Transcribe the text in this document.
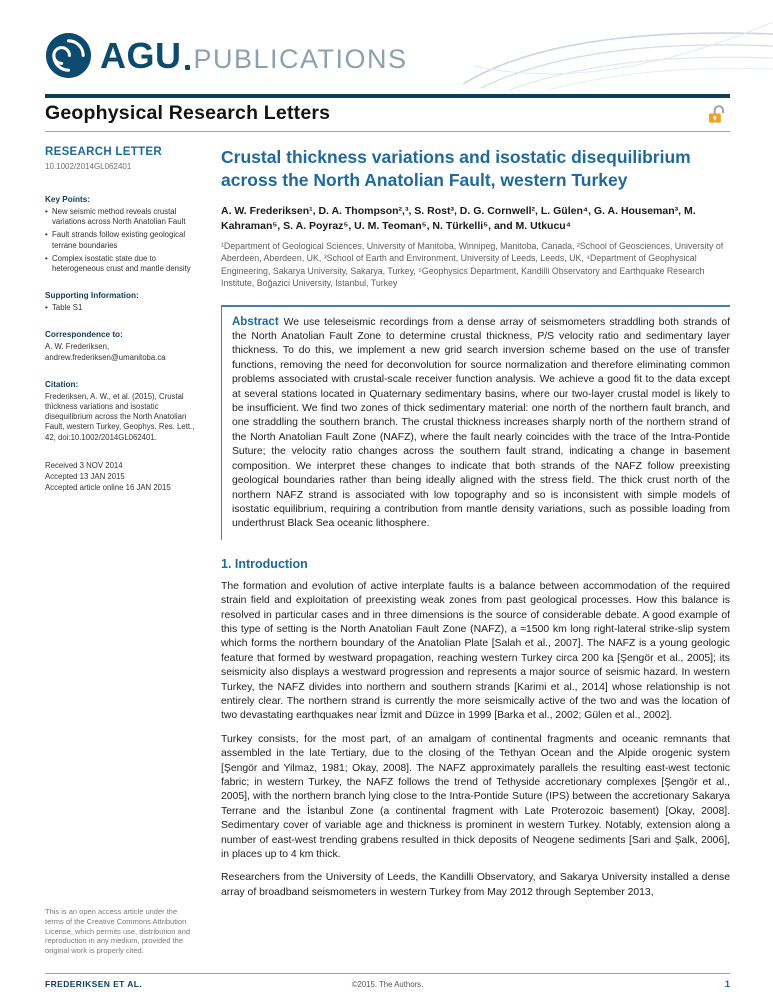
AGU PUBLICATIONS
Geophysical Research Letters
RESEARCH LETTER
10.1002/2014GL062401
Key Points:
• New seismic method reveals crustal variations across North Anatolian Fault
• Fault strands follow existing geological terrane boundaries
• Complex isostatic state due to heterogeneous crust and mantle density
Supporting Information:
• Table S1
Correspondence to:
A. W. Frederiksen,
andrew.frederiksen@umanitoba.ca
Citation:
Frederiksen, A. W., et al. (2015), Crustal thickness variations and isostatic disequilibrium across the North Anatolian Fault, western Turkey, Geophys. Res. Lett., 42, doi:10.1002/2014GL062401.
Received 3 NOV 2014
Accepted 13 JAN 2015
Accepted article online 16 JAN 2015
Crustal thickness variations and isostatic disequilibrium across the North Anatolian Fault, western Turkey
A. W. Frederiksen¹, D. A. Thompson²,³, S. Rost³, D. G. Cornwell², L. Gülen⁴, G. A. Houseman³, M. Kahraman⁵, S. A. Poyraz⁵, U. M. Teoman⁵, N. Türkelli⁵, and M. Utkucu⁴
¹Department of Geological Sciences, University of Manitoba, Winnipeg, Manitoba, Canada, ²School of Geosciences, University of Aberdeen, Aberdeen, UK, ³School of Earth and Environment, University of Leeds, Leeds, UK, ⁴Department of Geophysical Engineering, Sakarya University, Sakarya, Turkey, ⁵Geophysics Department, Kandilli Observatory and Earthquake Research Institute, Boğazici University, Istanbul, Turkey
Abstract We use teleseismic recordings from a dense array of seismometers straddling both strands of the North Anatolian Fault Zone to determine crustal thickness, P/S velocity ratio and sedimentary layer thickness. To do this, we implement a new grid search inversion scheme based on the use of transfer functions, removing the need for deconvolution for source normalization and therefore eliminating common problems associated with crustal-scale receiver function analysis. We achieve a good fit to the data except at several stations located in Quaternary sedimentary basins, where our two-layer crustal model is likely to be insufficient. We find two zones of thick sedimentary material: one north of the northern fault branch, and one straddling the southern branch. The crustal thickness increases sharply north of the northern strand of the North Anatolian Fault Zone (NAFZ), where the fault nearly coincides with the trace of the Intra-Pontide Suture; the velocity ratio changes across the southern fault strand, indicating a change in basement composition. We interpret these changes to indicate that both strands of the NAFZ follow preexisting geological boundaries rather than being ideally aligned with the stress field. The thick crust north of the northern NAFZ strand is associated with low topography and so is inconsistent with simple models of isostatic equilibrium, requiring a contribution from mantle density variations, such as possible loading from underthrust Black Sea oceanic lithosphere.
1. Introduction

The formation and evolution of active interplate faults is a balance between accommodation of the required strain field and exploitation of preexisting weak zones from past geological processes. How this balance is resolved in particular cases and in three dimensions is the source of considerable debate. A good example of this type of setting is the North Anatolian Fault Zone (NAFZ), a ≈1500 km long right-lateral strike-slip system which forms the northern boundary of the Anatolian Plate [Salah et al., 2007]. The NAFZ is a young geologic feature that formed by westward propagation, reaching western Turkey circa 200 ka [Şengör et al., 2005]; its seismicity also displays a westward progression and represents a major source of seismic hazard. In western Turkey, the NAFZ divides into northern and southern strands [Karimi et al., 2014] whose relationship is not entirely clear. The northern strand is currently the more seismically active of the two and was the location of two devastating earthquakes near İzmit and Düzce in 1999 [Barka et al., 2002; Gülen et al., 2002].

Turkey consists, for the most part, of an amalgam of continental fragments and oceanic remnants that assembled in the late Tertiary, due to the closing of the Tethyan Ocean and the Alpide orogenic system [Şengör and Yilmaz, 1981; Okay, 2008]. The NAFZ approximately parallels the resulting east-west tectonic fabric; in western Turkey, the NAFZ follows the trend of Tethyside accretionary complexes [Şengör et al., 2005], with the northern branch lying close to the Intra-Pontide Suture (IPS) between the accretionary Sakarya Terrane and the İstanbul Zone (a continental fragment with Late Proterozoic basement) [Okay, 2008]. Sedimentary cover of variable age and thickness is prominent in western Turkey. Notably, extension along a number of east-west trending grabens resulted in thick deposits of Neogene sediments [Sari and Şalk, 2006], in places up to 4 km thick.

Researchers from the University of Leeds, the Kandilli Observatory, and Sakarya University installed a dense array of broadband seismometers in western Turkey from May 2012 through September 2013,

This is an open access article under the terms of the Creative Commons Attribution License, which permits use, distribution and reproduction in any medium, provided the original work is properly cited.
FREDERIKSEN ET AL.	©2015. The Authors.	1
